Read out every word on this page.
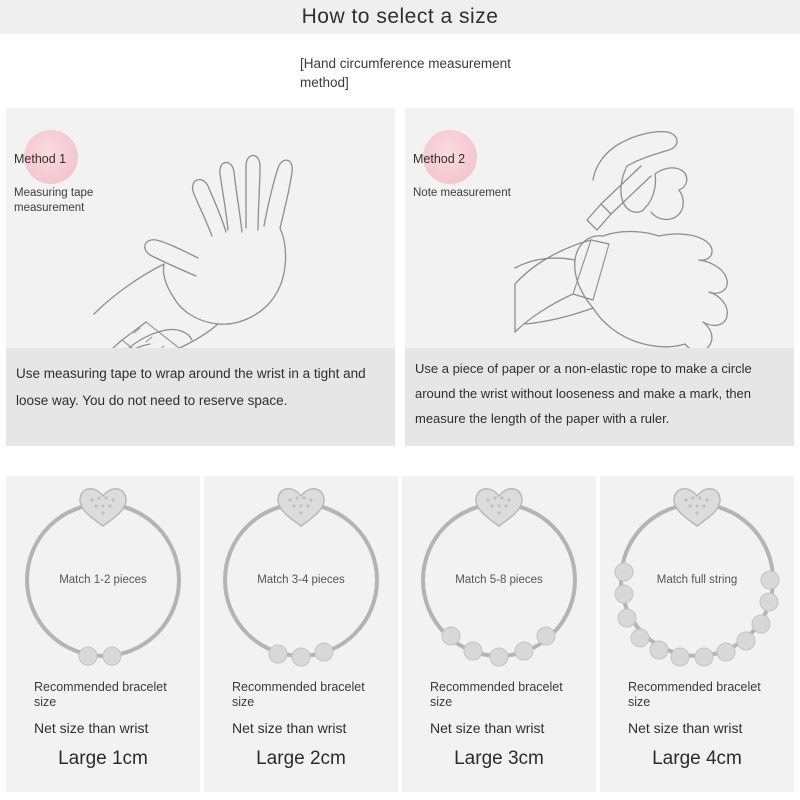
How to select a size
[Hand circumference measurement method]
Method 1
Measuring tape measurement
Use measuring tape to wrap around the wrist in a tight and loose way. You do not need to reserve space.
Method 2
Note measurement
Use a piece of paper or a non-elastic rope to make a circle around the wrist without looseness and make a mark, then measure the length of the paper with a ruler.
Match 1-2 pieces
Recommended bracelet size
Net size than wrist
Large 1cm
Match 3-4 pieces
Recommended bracelet size
Net size than wrist
Large 2cm
Match 5-8 pieces
Recommended bracelet size
Net size than wrist
Large 3cm
Match full string
Recommended bracelet size
Net size than wrist
Large 4cm
